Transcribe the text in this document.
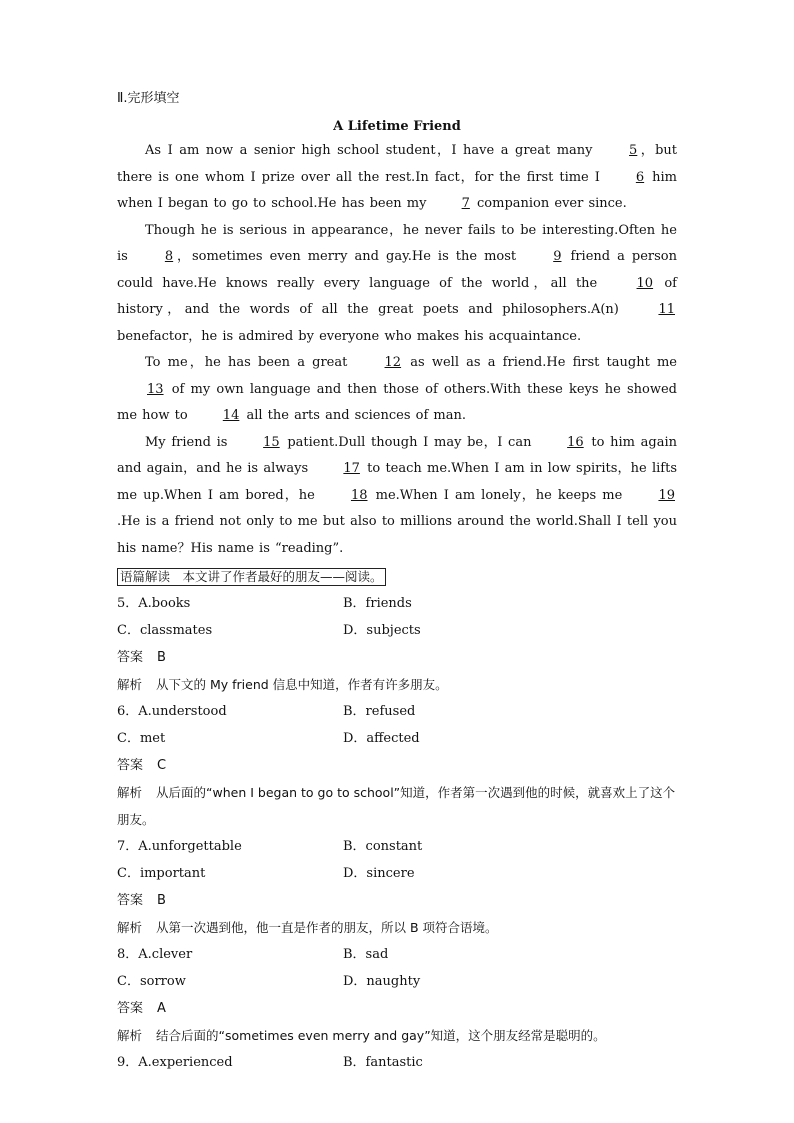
Ⅱ.完形填空
A Lifetime Friend

As I am now a senior high school student，I have a great many 5 ，but there is one whom I prize over all the rest.In fact，for the first time I 6 him when I began to go to school.He has been my 7 companion ever since.

Though he is serious in appearance，he never fails to be interesting.Often he is 8 ，sometimes even merry and gay.He is the most 9 friend a person could have.He knows really every language of the world，all the 10 of history，and the words of all the great poets and philosophers.A(n) 11 benefactor，he is admired by everyone who makes his acquaintance.

To me，he has been a great 12 as well as a friend.He first taught me 13 of my own language and then those of others.With these keys he showed me how to 14 all the arts and sciences of man.

My friend is 15 patient.Dull though I may be，I can 16 to him again and again，and he is always 17 to teach me.When I am in low spirits，he lifts me up.When I am bored，he 18 me.When I am lonely，he keeps me 19.He is a friend not only to me but also to millions around the world.Shall I tell you his name？His name is “reading”.

语篇解读　本文讲了作者最好的朋友——阅读。
5．A.books	B．friends
C．classmates	D．subjects
答案 B

解析 从下文的 My friend 信息中知道，作者有许多朋友。

6．A.understood	B．refused
C．met	D．affected
答案 C

解析 从后面的“when I began to go to school”知道，作者第一次遇到他的时候，就喜欢上了这个朋友。

7．A.unforgettable	B．constant
C．important	D．sincere
答案 B

解析 从第一次遇到他，他一直是作者的朋友，所以 B 项符合语境。

8．A.clever	B．sad
C．sorrow	D．naughty
答案 A

解析 结合后面的“sometimes even merry and gay”知道，这个朋友经常是聪明的。

9．A.experienced	B．fantastic
